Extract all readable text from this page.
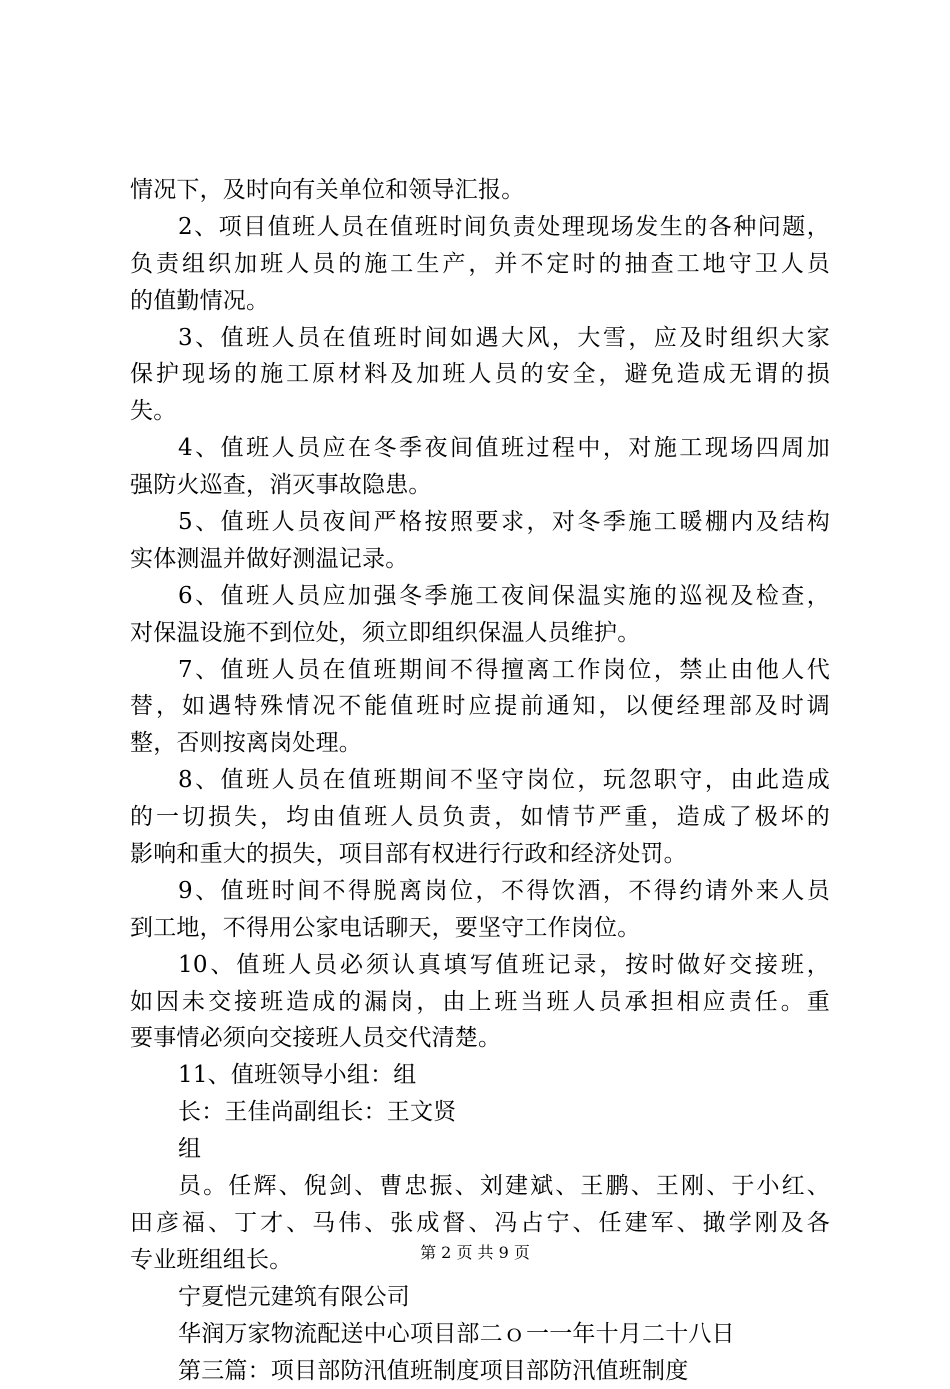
情况下，及时向有关单位和领导汇报。
2、项目值班人员在值班时间负责处理现场发生的各种问题，
负责组织加班人员的施工生产，并不定时的抽查工地守卫人员
的值勤情况。
3、值班人员在值班时间如遇大风，大雪，应及时组织大家
保护现场的施工原材料及加班人员的安全，避免造成无谓的损
失。
4、值班人员应在冬季夜间值班过程中，对施工现场四周加
强防火巡查，消灭事故隐患。
5、值班人员夜间严格按照要求，对冬季施工暖棚内及结构
实体测温并做好测温记录。
6、值班人员应加强冬季施工夜间保温实施的巡视及检查，
对保温设施不到位处，须立即组织保温人员维护。
7、值班人员在值班期间不得擅离工作岗位，禁止由他人代
替，如遇特殊情况不能值班时应提前通知，以便经理部及时调
整，否则按离岗处理。
8、值班人员在值班期间不坚守岗位，玩忽职守，由此造成
的一切损失，均由值班人员负责，如情节严重，造成了极坏的
影响和重大的损失，项目部有权进行行政和经济处罚。
9、值班时间不得脱离岗位，不得饮酒，不得约请外来人员
到工地，不得用公家电话聊天，要坚守工作岗位。
10、值班人员必须认真填写值班记录，按时做好交接班，
如因未交接班造成的漏岗，由上班当班人员承担相应责任。重
要事情必须向交接班人员交代清楚。
11、值班领导小组：组
长：王佳尚副组长：王文贤
组
员。任辉、倪剑、曹忠振、刘建斌、王鹏、王刚、于小红、
田彦福、丁才、马伟、张成督、冯占宁、任建军、撖学刚及各
专业班组组长。
宁夏恺元建筑有限公司
华润万家物流配送中心项目部二ｏ一一年十月二十八日
第三篇：项目部防汛值班制度项目部防汛值班制度
第 2 页 共 9 页
